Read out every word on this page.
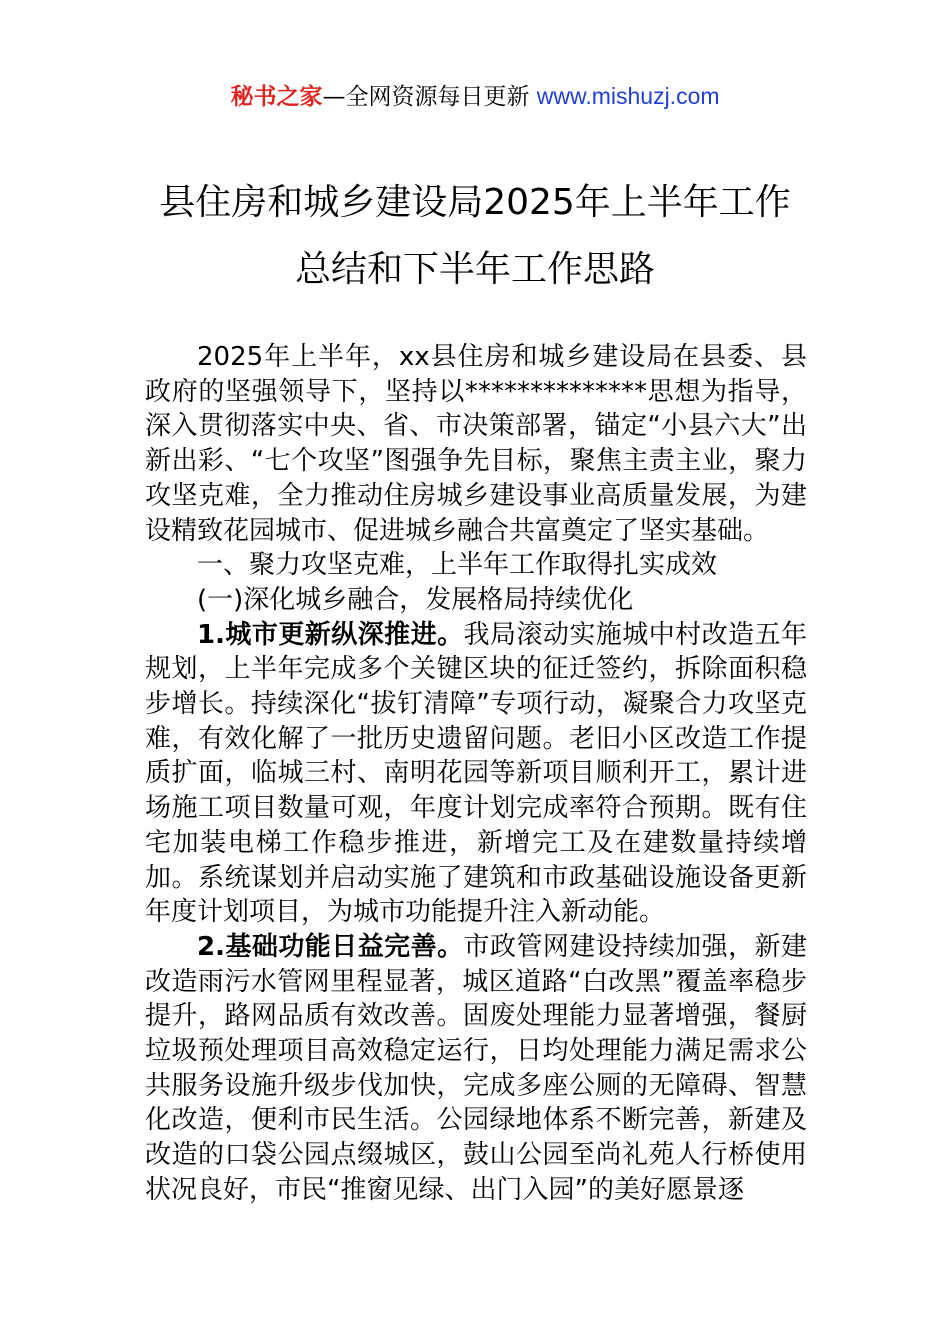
秘书之家—全网资源每日更新 www.mishuzj.com
县住房和城乡建设局2025年上半年工作
总结和下半年工作思路

2025年上半年，xx县住房和城乡建设局在县委、县政府的坚强领导下，坚持以**************思想为指导，深入贯彻落实中央、省、市决策部署，锚定“小县六大”出新出彩、“七个攻坚”图强争先目标，聚焦主责主业，聚力攻坚克难，全力推动住房城乡建设事业高质量发展，为建设精致花园城市、促进城乡融合共富奠定了坚实基础。

一、聚力攻坚克难，上半年工作取得扎实成效

(一)深化城乡融合，发展格局持续优化

1.城市更新纵深推进。我局滚动实施城中村改造五年规划，上半年完成多个关键区块的征迁签约，拆除面积稳步增长。持续深化“拔钉清障”专项行动，凝聚合力攻坚克难，有效化解了一批历史遗留问题。老旧小区改造工作提质扩面，临城三村、南明花园等新项目顺利开工，累计进场施工项目数量可观，年度计划完成率符合预期。既有住宅加装电梯工作稳步推进，新增完工及在建数量持续增加。系统谋划并启动实施了建筑和市政基础设施设备更新年度计划项目，为城市功能提升注入新动能。

2.基础功能日益完善。市政管网建设持续加强，新建改造雨污水管网里程显著，城区道路“白改黑”覆盖率稳步提升，路网品质有效改善。固废处理能力显著增强，餐厨垃圾预处理项目高效稳定运行，日均处理能力满足需求公共服务设施升级步伐加快，完成多座公厕的无障碍、智慧化改造，便利市民生活。公园绿地体系不断完善，新建及改造的口袋公园点缀城区，鼓山公园至尚礼苑人行桥使用状况良好，市民“推窗见绿、出门入园”的美好愿景逐
